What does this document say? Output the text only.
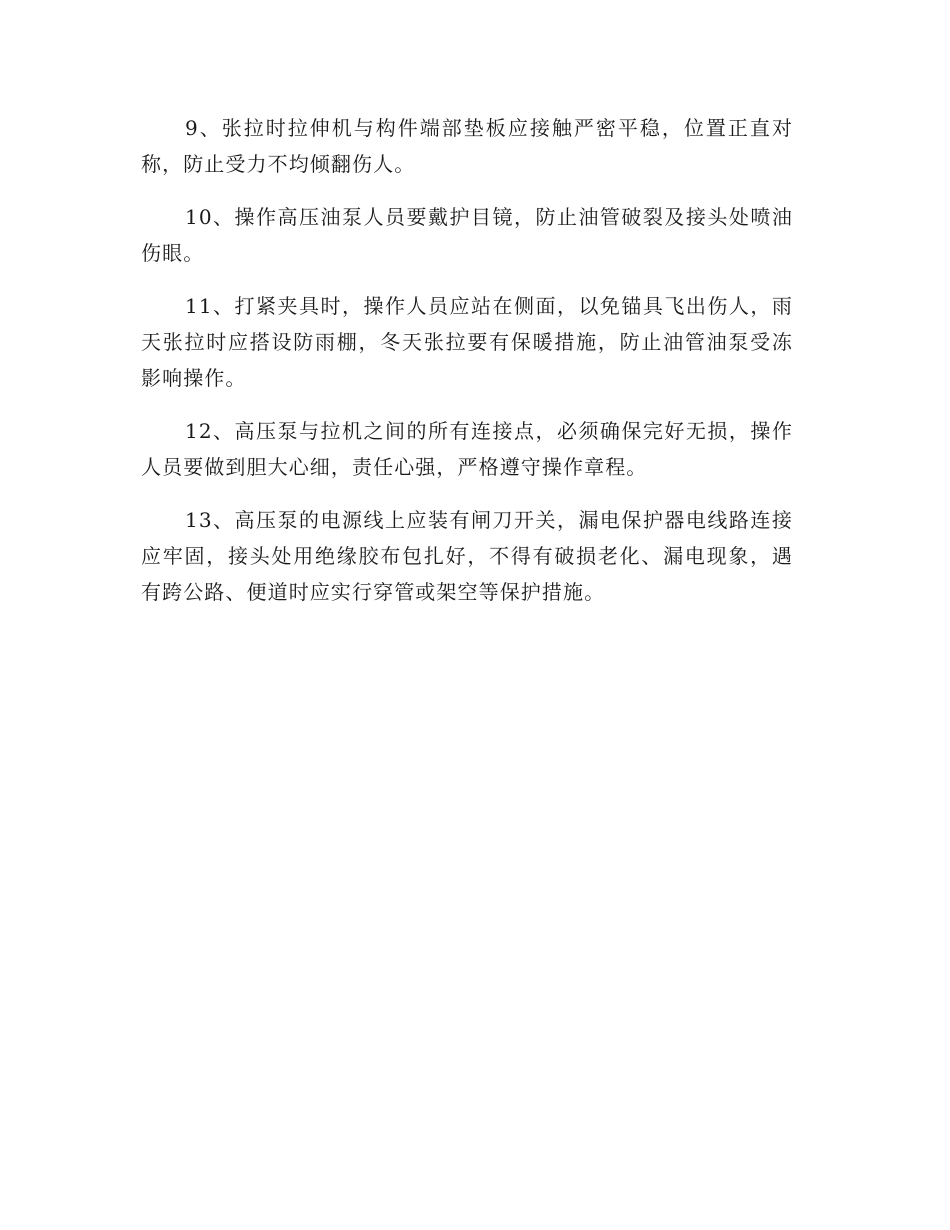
9、张拉时拉伸机与构件端部垫板应接触严密平稳，位置正直对称，防止受力不均倾翻伤人。

10、操作高压油泵人员要戴护目镜，防止油管破裂及接头处喷油伤眼。

11、打紧夹具时，操作人员应站在侧面，以免锚具飞出伤人，雨天张拉时应搭设防雨棚，冬天张拉要有保暖措施，防止油管油泵受冻影响操作。

12、高压泵与拉机之间的所有连接点，必须确保完好无损，操作人员要做到胆大心细，责任心强，严格遵守操作章程。

13、高压泵的电源线上应装有闸刀开关，漏电保护器电线路连接应牢固，接头处用绝缘胶布包扎好，不得有破损老化、漏电现象，遇有跨公路、便道时应实行穿管或架空等保护措施。
